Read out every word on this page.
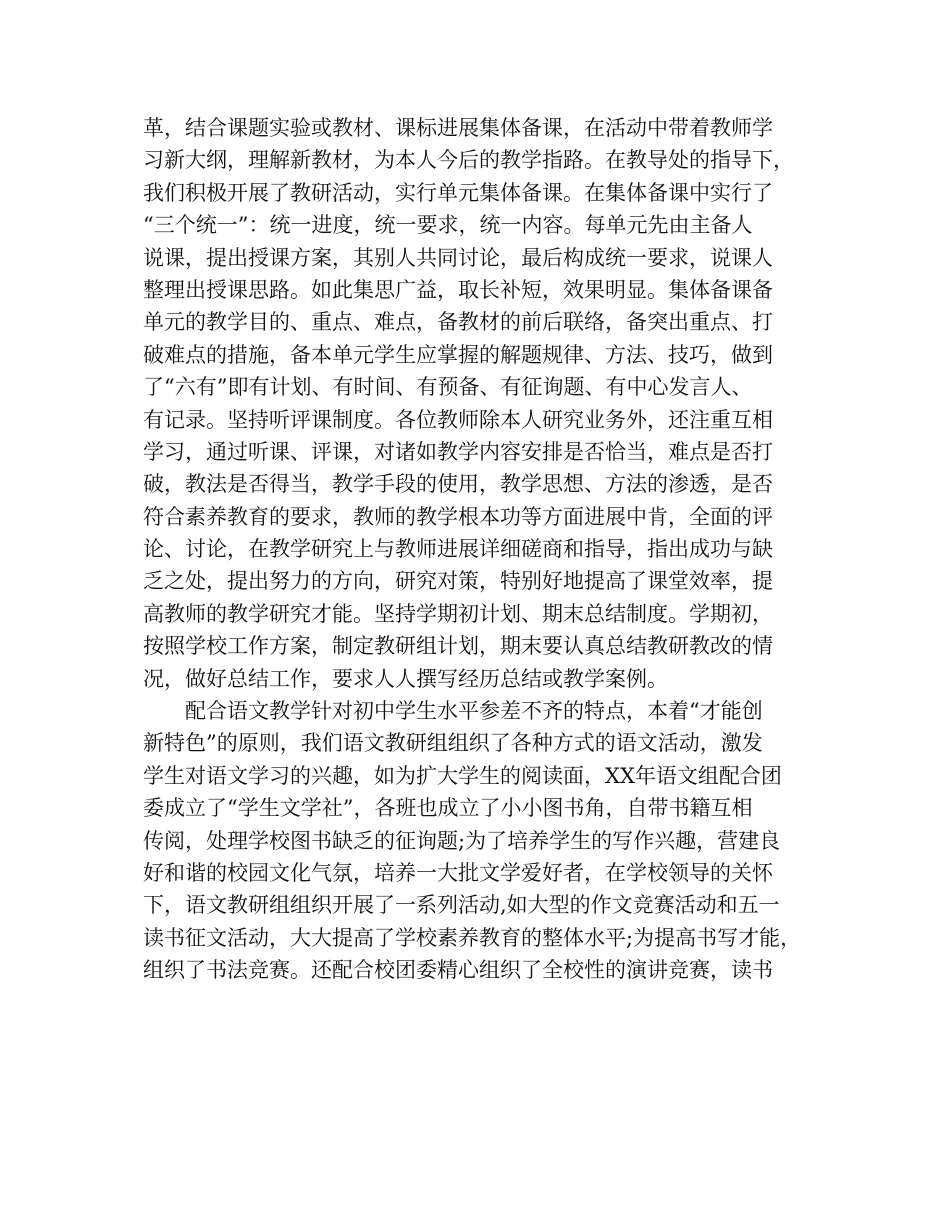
革，结合课题实验或教材、课标进展集体备课，在活动中带着教师学
习新大纲，理解新教材，为本人今后的教学指路。在教导处的指导下，
我们积极开展了教研活动，实行单元集体备课。在集体备课中实行了
“三个统一”：统一进度，统一要求，统一内容。每单元先由主备人
说课，提出授课方案，其别人共同讨论，最后构成统一要求，说课人
整理出授课思路。如此集思广益，取长补短，效果明显。集体备课备
单元的教学目的、重点、难点，备教材的前后联络，备突出重点、打
破难点的措施，备本单元学生应掌握的解题规律、方法、技巧，做到
了“六有”即有计划、有时间、有预备、有征询题、有中心发言人、
有记录。坚持听评课制度。各位教师除本人研究业务外，还注重互相
学习，通过听课、评课，对诸如教学内容安排是否恰当，难点是否打
破，教法是否得当，教学手段的使用，教学思想、方法的渗透，是否
符合素养教育的要求，教师的教学根本功等方面进展中肯，全面的评
论、讨论，在教学研究上与教师进展详细磋商和指导，指出成功与缺
乏之处，提出努力的方向，研究对策，特别好地提高了课堂效率，提
高教师的教学研究才能。坚持学期初计划、期末总结制度。学期初，
按照学校工作方案，制定教研组计划，期末要认真总结教研教改的情
况，做好总结工作，要求人人撰写经历总结或教学案例。
配合语文教学针对初中学生水平参差不齐的特点，本着“才能创
新特色”的原则，我们语文教研组组织了各种方式的语文活动，激发
学生对语文学习的兴趣，如为扩大学生的阅读面，XX年语文组配合团
委成立了“学生文学社”，各班也成立了小小图书角，自带书籍互相
传阅，处理学校图书缺乏的征询题;为了培养学生的写作兴趣，营建良
好和谐的校园文化气氛，培养一大批文学爱好者，在学校领导的关怀
下，语文教研组组织开展了一系列活动,如大型的作文竞赛活动和五一
读书征文活动，大大提高了学校素养教育的整体水平;为提高书写才能，
组织了书法竞赛。还配合校团委精心组织了全校性的演讲竞赛，读书
